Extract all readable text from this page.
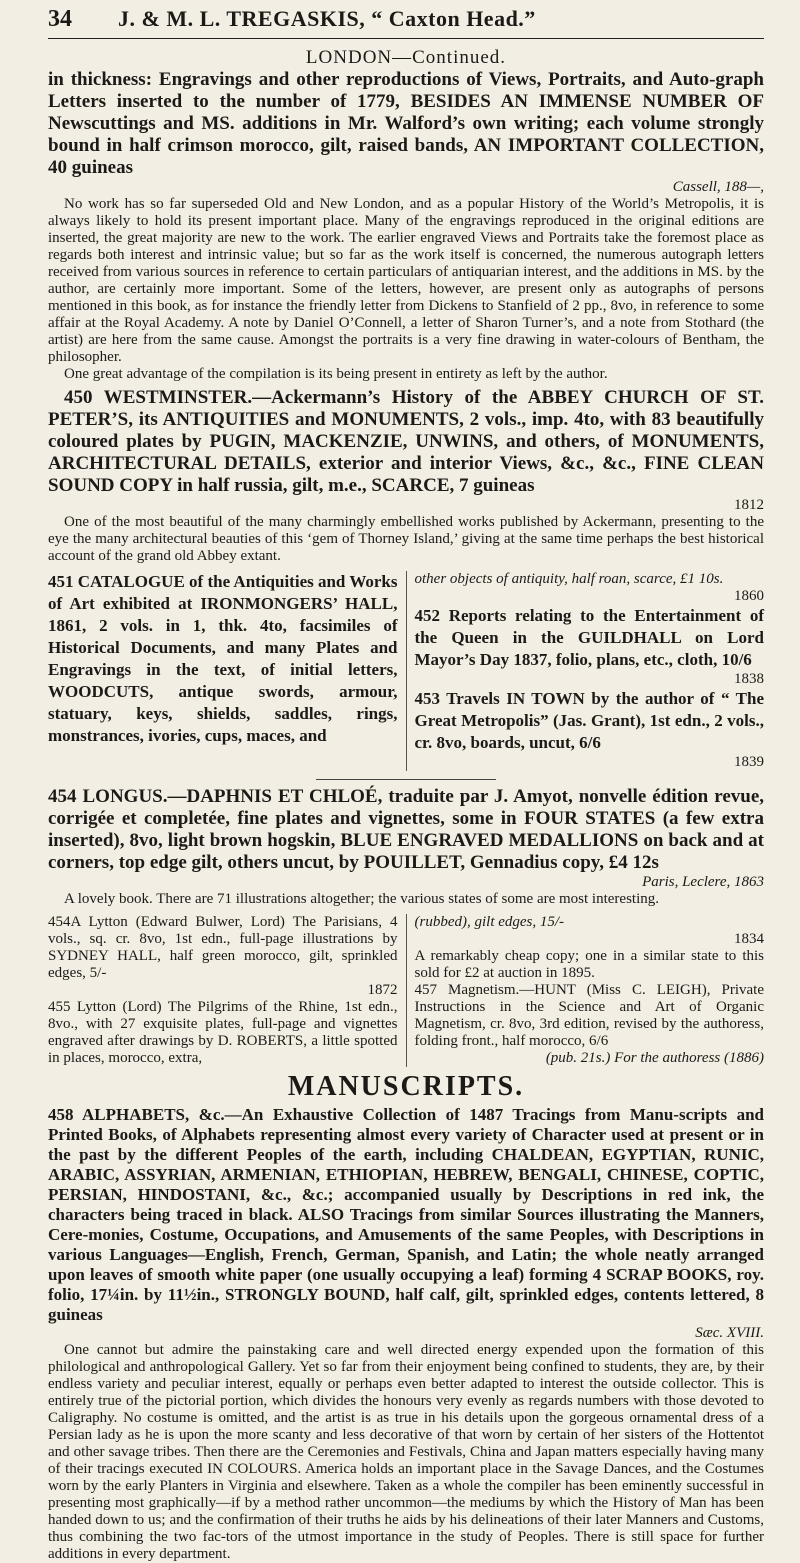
34	J. & M. L. TREGASKIS, “ Caxton Head.”
LONDON—Continued.

in thickness: Engravings and other reproductions of Views, Portraits, and Auto-graph Letters inserted to the number of 1779, BESIDES AN IMMENSE NUMBER OF Newscuttings and MS. additions in Mr. Walford’s own writing; each volume strongly bound in half crimson morocco, gilt, raised bands, AN IMPORTANT COLLECTION, 40 guineas

Cassell, 188—,

No work has so far superseded Old and New London, and as a popular History of the World’s Metropolis, it is always likely to hold its present important place. Many of the engravings reproduced in the original editions are inserted, the great majority are new to the work. The earlier engraved Views and Portraits take the foremost place as regards both interest and intrinsic value; but so far as the work itself is concerned, the numerous autograph letters received from various sources in reference to certain particulars of antiquarian interest, and the additions in MS. by the author, are certainly more important. Some of the letters, however, are present only as autographs of persons mentioned in this book, as for instance the friendly letter from Dickens to Stanfield of 2 pp., 8vo, in reference to some affair at the Royal Academy. A note by Daniel O’Connell, a letter of Sharon Turner’s, and a note from Stothard (the artist) are here from the same cause. Amongst the portraits is a very fine drawing in water-colours of Bentham, the philosopher.

One great advantage of the compilation is its being present in entirety as left by the author.

450 WESTMINSTER.—Ackermann’s History of the ABBEY CHURCH OF ST. PETER’S, its ANTIQUITIES and MONUMENTS, 2 vols., imp. 4to, with 83 beautifully coloured plates by PUGIN, MACKENZIE, UNWINS, and others, of MONUMENTS, ARCHITECTURAL DETAILS, exterior and interior Views, &c., &c., FINE CLEAN SOUND COPY in half russia, gilt, m.e., SCARCE, 7 guineas

1812

One of the most beautiful of the many charmingly embellished works published by Ackermann, presenting to the eye the many architectural beauties of this ‘gem of Thorney Island,’ giving at the same time perhaps the best historical account of the grand old Abbey extant.

451 CATALOGUE of the Antiquities and Works of Art exhibited at IRONMONGERS’ HALL, 1861, 2 vols. in 1, thk. 4to, facsimiles of Historical Documents, and many Plates and Engravings in the text, of initial letters, WOODCUTS, antique swords, armour, statuary, keys, shields, saddles, rings, monstrances, ivories, cups, maces, and

other objects of antiquity, half roan, scarce, £1 10s.

1860

452 Reports relating to the Entertainment of the Queen in the GUILDHALL on Lord Mayor’s Day 1837, folio, plans, etc., cloth, 10/6

1838

453 Travels IN TOWN by the author of “ The Great Metropolis” (Jas. Grant), 1st edn., 2 vols., cr. 8vo, boards, uncut, 6/6

1839

454 LONGUS.—DAPHNIS ET CHLOÉ, traduite par J. Amyot, nonvelle édition revue, corrigée et completée, fine plates and vignettes, some in FOUR STATES (a few extra inserted), 8vo, light brown hogskin, BLUE ENGRAVED MEDALLIONS on back and at corners, top edge gilt, others uncut, by POUILLET, Gennadius copy, £4 12s

Paris, Leclere, 1863

A lovely book. There are 71 illustrations altogether; the various states of some are most interesting.

454A Lytton (Edward Bulwer, Lord) The Parisians, 4 vols., sq. cr. 8vo, 1st edn., full-page illustrations by SYDNEY HALL, half green morocco, gilt, sprinkled edges, 5/-

1872

455 Lytton (Lord) The Pilgrims of the Rhine, 1st edn., 8vo., with 27 exquisite plates, full-page and vignettes engraved after drawings by D. ROBERTS, a little spotted in places, morocco, extra,

(rubbed), gilt edges, 15/-

1834

A remarkably cheap copy; one in a similar state to this sold for £2 at auction in 1895.

457 Magnetism.—HUNT (Miss C. LEIGH), Private Instructions in the Science and Art of Organic Magnetism, cr. 8vo, 3rd edition, revised by the authoress, folding front., half morocco, 6/6

(pub. 21s.) For the authoress (1886)

MANUSCRIPTS.

458 ALPHABETS, &c.—An Exhaustive Collection of 1487 Tracings from Manu-scripts and Printed Books, of Alphabets representing almost every variety of Character used at present or in the past by the different Peoples of the earth, including CHALDEAN, EGYPTIAN, RUNIC, ARABIC, ASSYRIAN, ARMENIAN, ETHIOPIAN, HEBREW, BENGALI, CHINESE, COPTIC, PERSIAN, HINDOSTANI, &c., &c.; accompanied usually by Descriptions in red ink, the characters being traced in black. ALSO Tracings from similar Sources illustrating the Manners, Cere-monies, Costume, Occupations, and Amusements of the same Peoples, with Descriptions in various Languages—English, French, German, Spanish, and Latin; the whole neatly arranged upon leaves of smooth white paper (one usually occupying a leaf) forming 4 SCRAP BOOKS, roy. folio, 17¼in. by 11½in., STRONGLY BOUND, half calf, gilt, sprinkled edges, contents lettered, 8 guineas

Sæc. XVIII.

One cannot but admire the painstaking care and well directed energy expended upon the formation of this philological and anthropological Gallery. Yet so far from their enjoyment being confined to students, they are, by their endless variety and peculiar interest, equally or perhaps even better adapted to interest the outside collector. This is entirely true of the pictorial portion, which divides the honours very evenly as regards numbers with those devoted to Caligraphy. No costume is omitted, and the artist is as true in his details upon the gorgeous ornamental dress of a Persian lady as he is upon the more scanty and less decorative of that worn by certain of her sisters of the Hottentot and other savage tribes. Then there are the Ceremonies and Festivals, China and Japan matters especially having many of their tracings executed IN COLOURS. America holds an important place in the Savage Dances, and the Costumes worn by the early Planters in Virginia and elsewhere. Taken as a whole the compiler has been eminently successful in presenting most graphically—if by a method rather uncommon—the mediums by which the History of Man has been handed down to us; and the confirmation of their truths he aids by his delineations of their later Manners and Customs, thus combining the two fac-tors of the utmost importance in the study of Peoples. There is still space for further additions in every department.
